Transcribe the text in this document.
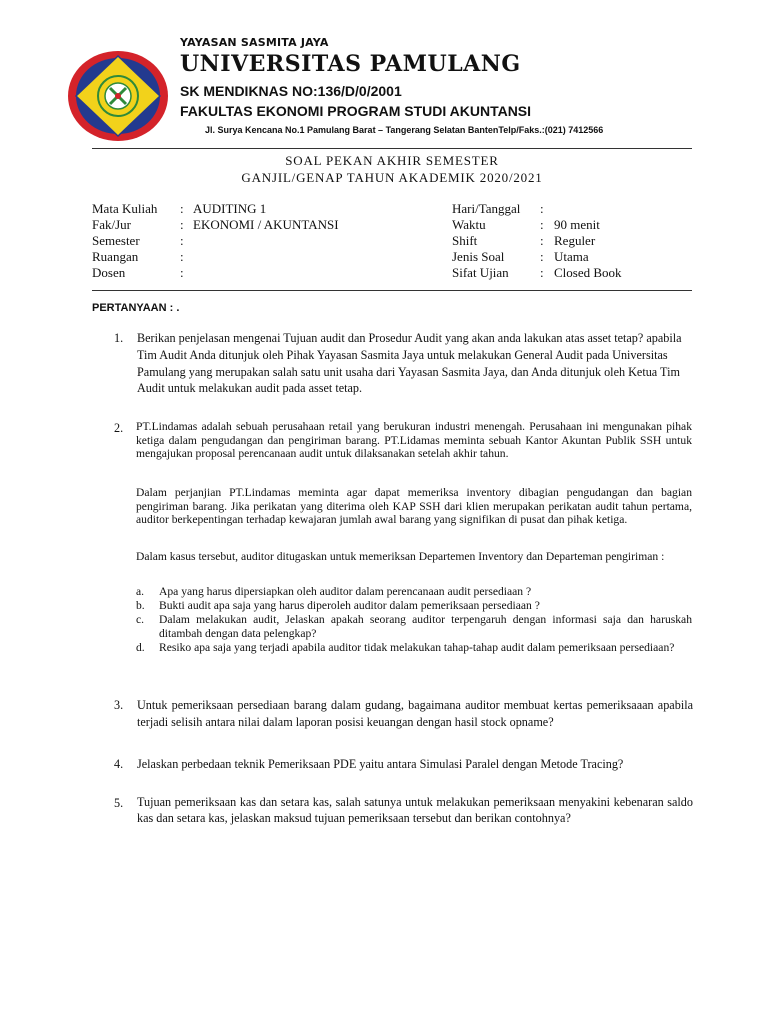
YAYASAN SASMITA JAYA
UNIVERSITAS PAMULANG
SK MENDIKNAS NO:136/D/0/2001
FAKULTAS EKONOMI PROGRAM STUDI AKUNTANSI
Jl. Surya Kencana No.1 Pamulang Barat – Tangerang Selatan BantenTelp/Faks.:(021) 7412566
SOAL PEKAN AKHIR SEMESTER
GANJIL/GENAP TAHUN AKADEMIK 2020/2021
Mata Kuliah : AUDITING 1
Fak/Jur	: EKONOMI / AKUNTANSI
Semester	:
Ruangan	:
Dosen	:
Hari/Tanggal :
Waktu	: 90 menit
Shift	: Reguler
Jenis Soal	: Utama
Sifat Ujian : Closed Book
PERTANYAAN : .
1. Berikan penjelasan mengenai Tujuan audit dan Prosedur Audit yang akan anda lakukan atas asset tetap? apabila Tim Audit Anda ditunjuk oleh Pihak Yayasan Sasmita Jaya untuk melakukan General Audit pada Universitas Pamulang yang merupakan salah satu unit usaha dari Yayasan Sasmita Jaya, dan Anda ditunjuk oleh Ketua Tim Audit untuk melakukan audit pada asset tetap.
2. PT.Lindamas adalah sebuah perusahaan retail yang berukuran industri menengah. Perusahaan ini mengunakan pihak ketiga dalam pengudangan dan pengiriman barang. PT.Lidamas meminta sebuah Kantor Akuntan Publik SSH untuk mengajukan proposal perencanaan audit untuk dilaksanakan setelah akhir tahun.
Dalam perjanjian PT.Lindamas meminta agar dapat memeriksa inventory dibagian pengudangan dan bagian pengiriman barang. Jika perikatan yang diterima oleh KAP SSH dari klien merupakan perikatan audit tahun pertama, auditor berkepentingan terhadap kewajaran jumlah awal barang yang signifikan di pusat dan pihak ketiga.
Dalam kasus tersebut, auditor ditugaskan untuk memeriksan Departemen Inventory dan Departeman pengiriman :
a. Apa yang harus dipersiapkan oleh auditor dalam perencanaan audit persediaan ?
b. Bukti audit apa saja yang harus diperoleh auditor dalam pemeriksaan persediaan ?
c. Dalam melakukan audit, Jelaskan apakah seorang auditor terpengaruh dengan informasi saja dan haruskah ditambah dengan data pelengkap?
d. Resiko apa saja yang terjadi apabila auditor tidak melakukan tahap-tahap audit dalam pemeriksaan persediaan?
3. Untuk pemeriksaan persediaan barang dalam gudang, bagaimana auditor membuat kertas pemeriksaaan apabila terjadi selisih antara nilai dalam laporan posisi keuangan dengan hasil stock opname?
4. Jelaskan perbedaan teknik Pemeriksaan PDE yaitu antara Simulasi Paralel dengan Metode Tracing?
5. Tujuan pemeriksaan kas dan setara kas, salah satunya untuk melakukan pemeriksaan menyakini kebenaran saldo kas dan setara kas, jelaskan maksud tujuan pemeriksaan tersebut dan berikan contohnya?
